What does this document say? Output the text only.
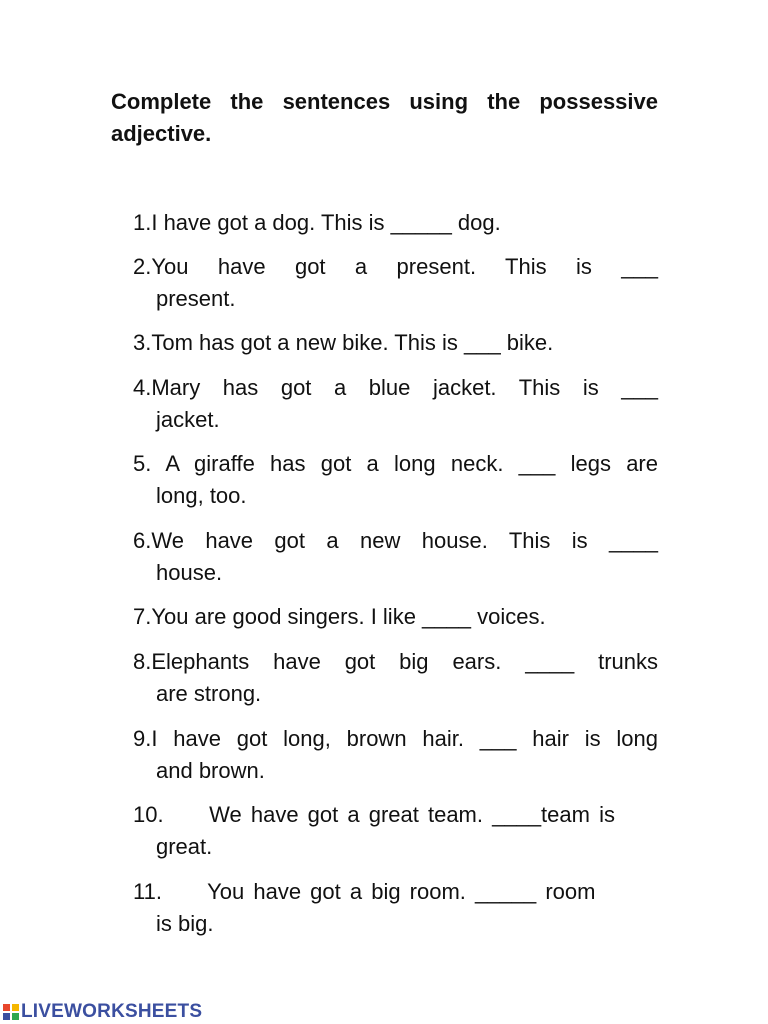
Complete the sentences using the possessive adjective.

1.I have got a dog. This is _____ dog.
2.You have got a present. This is ___
present.
3.Tom has got a new bike. This is ___ bike.
4.Mary has got a blue jacket. This is ___
jacket.
5. A giraffe has got a long neck. ___ legs are
long, too.
6.We have got a new house. This is ____
house.
7.You are good singers. I like ____ voices.
8.Elephants have got big ears. ____ trunks
are strong.
9.I have got long, brown hair. ___ hair is long
and brown.
10.     We have got a great team. ____team is
great.
11.     You have got a big room. _____ room
is big.
LIVEWORKSHEETS
